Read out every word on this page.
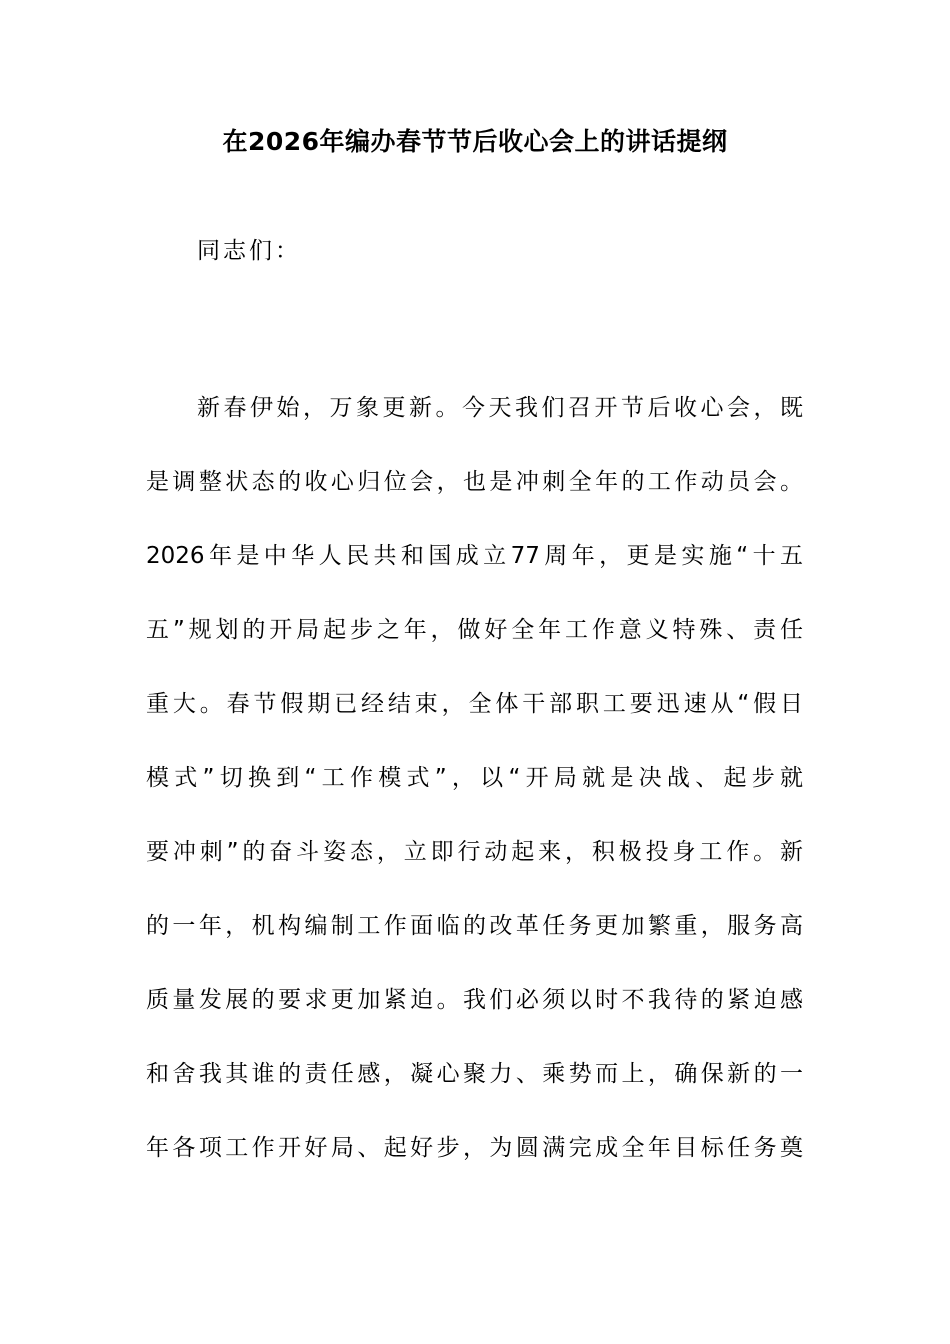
在2026年编办春节节后收心会上的讲话提纲
同志们：
新春伊始，万象更新。今天我们召开节后收心会，既
是调整状态的收心归位会，也是冲刺全年的工作动员会。
2026年是中华人民共和国成立77周年，更是实施“十五
五”规划的开局起步之年，做好全年工作意义特殊、责任
重大。春节假期已经结束，全体干部职工要迅速从“假日
模式”切换到“工作模式”，以“开局就是决战、起步就
要冲刺”的奋斗姿态，立即行动起来，积极投身工作。新
的一年，机构编制工作面临的改革任务更加繁重，服务高
质量发展的要求更加紧迫。我们必须以时不我待的紧迫感
和舍我其谁的责任感，凝心聚力、乘势而上，确保新的一
年各项工作开好局、起好步，为圆满完成全年目标任务奠
